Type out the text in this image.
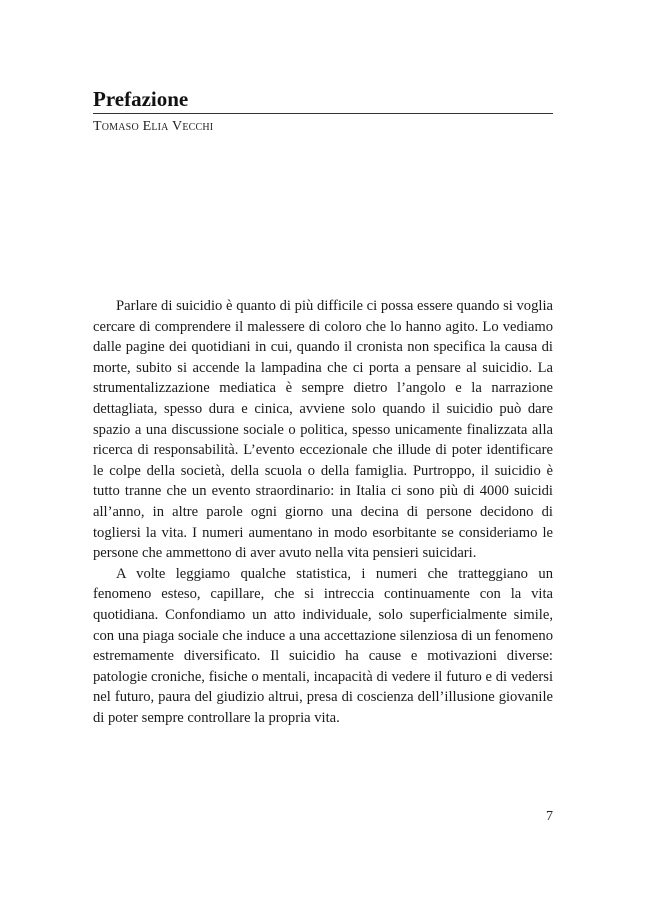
Prefazione

Tomaso Elia Vecchi

Parlare di suicidio è quanto di più difficile ci possa essere quando si voglia cercare di comprendere il malessere di coloro che lo hanno agito. Lo vediamo dalle pagine dei quotidiani in cui, quando il cronista non specifica la causa di morte, subito si accende la lampadina che ci porta a pensare al suicidio. La strumentalizzazione mediatica è sempre dietro l’angolo e la narrazione dettagliata, spesso dura e cinica, avviene solo quando il suicidio può dare spazio a una discussione sociale o politica, spesso unicamente finalizzata alla ricerca di responsabilità. L’evento eccezionale che illude di poter identificare le colpe della società, della scuola o della famiglia. Purtroppo, il suicidio è tutto tranne che un evento straordinario: in Italia ci sono più di 4000 suicidi all’anno, in altre parole ogni giorno una decina di persone decidono di togliersi la vita. I numeri aumentano in modo esorbitante se consideriamo le persone che ammettono di aver avuto nella vita pensieri suicidari.

A volte leggiamo qualche statistica, i numeri che tratteggiano un fenomeno esteso, capillare, che si intreccia continuamente con la vita quotidiana. Confondiamo un atto individuale, solo superficialmente simile, con una piaga sociale che induce a una accettazione silenziosa di un fenomeno estremamente diversificato. Il suicidio ha cause e motivazioni diverse: patologie croniche, fisiche o mentali, incapacità di vedere il futuro e di vedersi nel futuro, paura del giudizio altrui, presa di coscienza dell’illusione giovanile di poter sempre controllare la propria vita.

7
